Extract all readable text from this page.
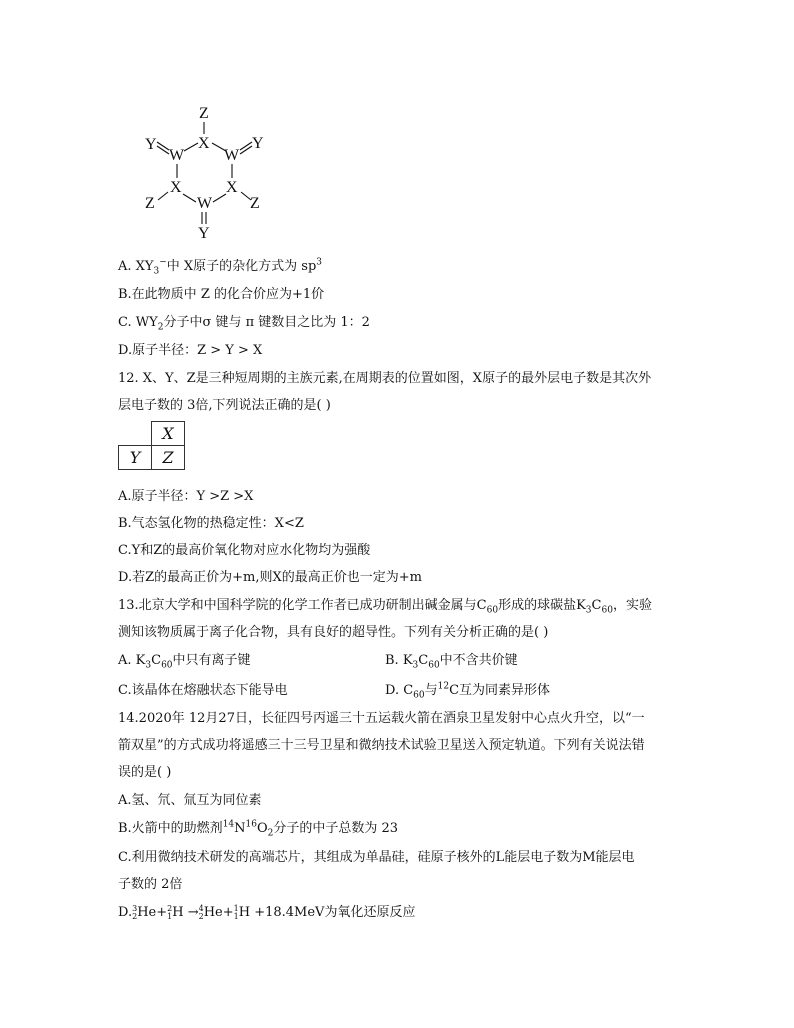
Z
X
Y
W W
Y
X	X
Z	Z
W
Y
A. $XY_3^-$中 X原子的杂化方式为 $sp^3$
B.在此物质中 Z 的化合价应为+1价
C. $WY_2$分子中σ 键与 π 键数目之比为 1：2
D.原子半径：Z > Y > X
12. X、Y、Z是三种短周期的主族元素,在周期表的位置如图，X原子的最外层电子数是其次外
层电子数的 3倍,下列说法正确的是( )
	X
Y	Z
A.原子半径：Y >Z >X
B.气态氢化物的热稳定性：X<Z
C.Y和Z的最高价氧化物对应水化物均为强酸
D.若Z的最高正价为+m,则X的最高正价也一定为+m
13.北京大学和中国科学院的化学工作者已成功研制出碱金属与$C_{60}$形成的球碳盐$K_3C_{60}$，实验
测知该物质属于离子化合物，具有良好的超导性。下列有关分析正确的是( )
A. $K_3C_{60}$中只有离子键	B. $K_3C_{60}$中不含共价键
C.该晶体在熔融状态下能导电	D. $C_{60}$与$^{12}$C互为同素异形体
14.2020年 12月27日，长征四号丙遥三十五运载火箭在酒泉卫星发射中心点火升空，以“一
箭双星”的方式成功将遥感三十三号卫星和微纳技术试验卫星送入预定轨道。下列有关说法错
误的是( )
A.氢、氘、氚互为同位素
B.火箭中的助燃剂$^{14}N^{16}O_2$分子的中子总数为 23
C.利用微纳技术研发的高端芯片，其组成为单晶硅，硅原子核外的L能层电子数为M能层电
子数的 2倍
D.3
2He+2
1H →4
2He+1
1H +18.4MeV为氧化还原反应
